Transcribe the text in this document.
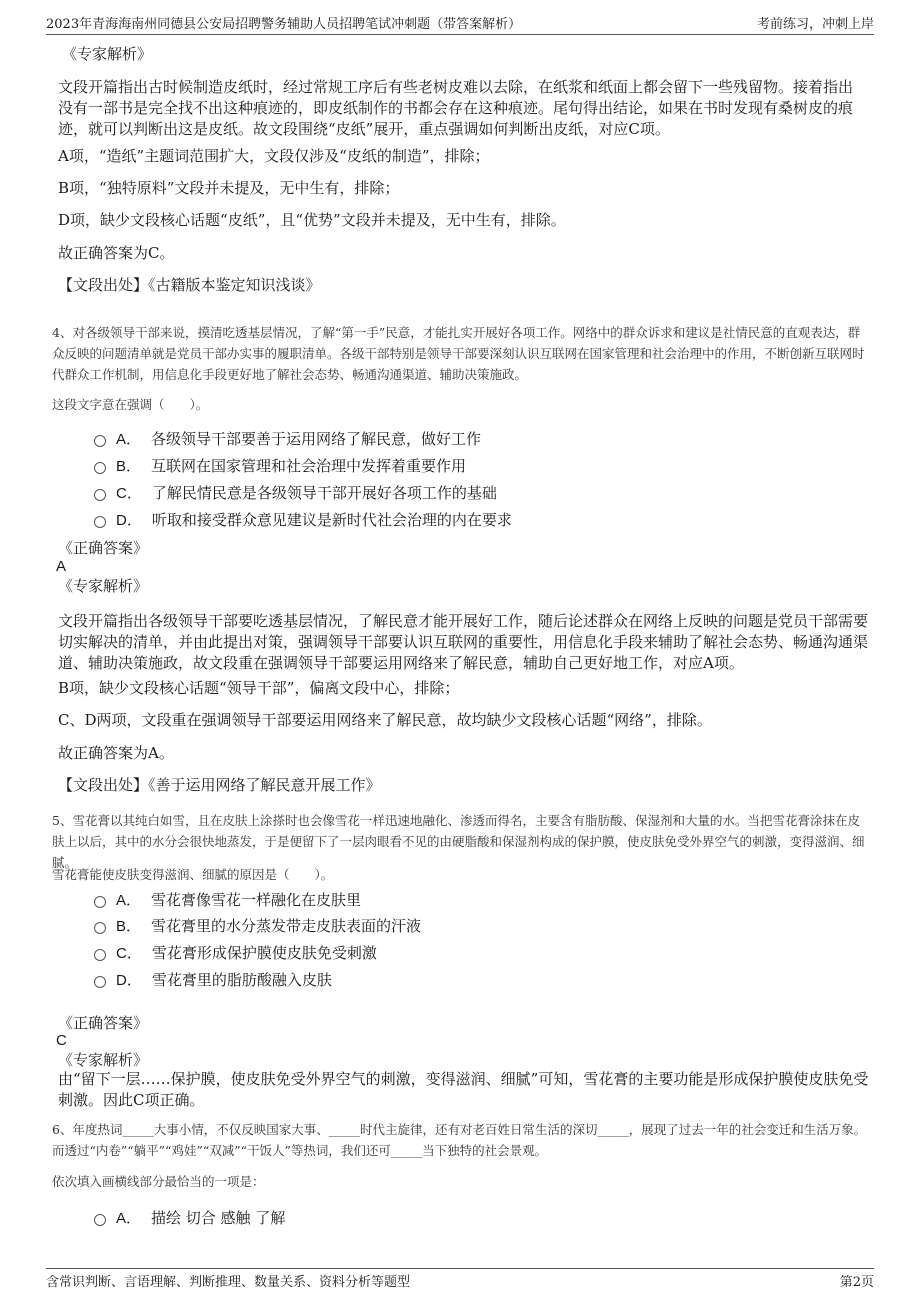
2023年青海海南州同德县公安局招聘警务辅助人员招聘笔试冲刺题（带答案解析）	考前练习，冲刺上岸

《专家解析》

文段开篇指出古时候制造皮纸时，经过常规工序后有些老树皮难以去除，在纸浆和纸面上都会留下一些残留物。接着指出没有一部书是完全找不出这种痕迹的，即皮纸制作的书都会存在这种痕迹。尾句得出结论，如果在书时发现有桑树皮的痕迹，就可以判断出这是皮纸。故文段围绕“皮纸”展开，重点强调如何判断出皮纸，对应C项。

A项，“造纸”主题词范围扩大，文段仅涉及“皮纸的制造”，排除；

B项，“独特原料”文段并未提及，无中生有，排除；

D项，缺少文段核心话题“皮纸”，且“优势”文段并未提及，无中生有，排除。

故正确答案为C。

【文段出处】《古籍版本鉴定知识浅谈》

4、对各级领导干部来说，摸清吃透基层情况，了解“第一手”民意，才能扎实开展好各项工作。网络中的群众诉求和建议是社情民意的直观表达，群众反映的问题清单就是党员干部办实事的履职清单。各级干部特别是领导干部要深刻认识互联网在国家管理和社会治理中的作用，不断创新互联网时代群众工作机制，用信息化手段更好地了解社会态势、畅通沟通渠道、辅助决策施政。

这段文字意在强调（　　）。

A． 各级领导干部要善于运用网络了解民意，做好工作
B． 互联网在国家管理和社会治理中发挥着重要作用
C． 了解民情民意是各级领导干部开展好各项工作的基础
D． 听取和接受群众意见建议是新时代社会治理的内在要求

《正确答案》

A

《专家解析》

文段开篇指出各级领导干部要吃透基层情况，了解民意才能开展好工作，随后论述群众在网络上反映的问题是党员干部需要切实解决的清单，并由此提出对策，强调领导干部要认识互联网的重要性，用信息化手段来辅助了解社会态势、畅通沟通渠道、辅助决策施政，故文段重在强调领导干部要运用网络来了解民意，辅助自己更好地工作，对应A项。

B项，缺少文段核心话题“领导干部”，偏离文段中心，排除；

C、D两项，文段重在强调领导干部要运用网络来了解民意，故均缺少文段核心话题“网络”，排除。

故正确答案为A。

【文段出处】《善于运用网络了解民意开展工作》

5、雪花膏以其纯白如雪，且在皮肤上涂搽时也会像雪花一样迅速地融化、渗透而得名，主要含有脂肪酸、保湿剂和大量的水。当把雪花膏涂抹在皮肤上以后，其中的水分会很快地蒸发，于是便留下了一层肉眼看不见的由硬脂酸和保湿剂构成的保护膜，使皮肤免受外界空气的刺激，变得滋润、细腻。

雪花膏能使皮肤变得滋润、细腻的原因是（　　）。

A． 雪花膏像雪花一样融化在皮肤里
B． 雪花膏里的水分蒸发带走皮肤表面的汗液
C． 雪花膏形成保护膜使皮肤免受刺激
D． 雪花膏里的脂肪酸融入皮肤

《正确答案》

C

《专家解析》

由“留下一层……保护膜，使皮肤免受外界空气的刺激，变得滋润、细腻”可知，雪花膏的主要功能是形成保护膜使皮肤免受刺激。因此C项正确。

6、年度热词_____大事小情，不仅反映国家大事、_____时代主旋律，还有对老百姓日常生活的深切_____，展现了过去一年的社会变迁和生活万象。而透过“内卷”“躺平”“鸡娃”“双减”“干饭人”等热词，我们还可_____当下独特的社会景观。

依次填入画横线部分最恰当的一项是：

A． 描绘 切合 感触 了解
含常识判断、言语理解、判断推理、数量关系、资料分析等题型	第2页
